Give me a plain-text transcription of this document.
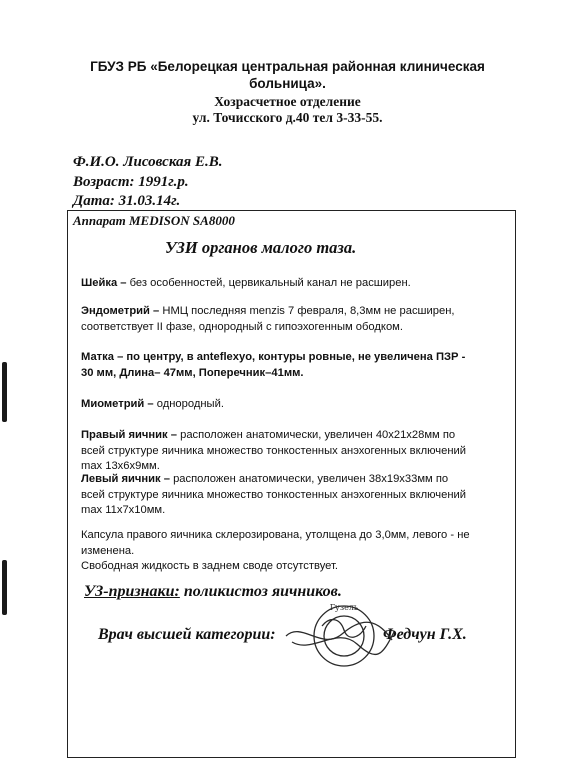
ГБУЗ РБ «Белорецкая центральная районная клиническая
больница».
Хозрасчетное отделение
ул. Точисского д.40 тел 3-33-55.
Ф.И.О. Лисовская Е.В.
Возраст: 1991г.р.
Дата: 31.03.14г.
Аппарат MEDISON SA8000
УЗИ органов малого таза.
Шейка – без особенностей, цервикальный канал не расширен.
Эндометрий – НМЦ последняя menzis 7 февраля, 8,3мм не расширен,
соответствует II фазе, однородный с гипоэхогенным ободком.
Матка – по центру, в anteflexyo, контуры ровные, не увеличена ПЗР -
30 мм, Длина– 47мм, Поперечник–41мм.
Миометрий – однородный.
Правый яичник – расположен анатомически, увеличен 40х21х28мм по
всей структуре яичника множество тонкостенных анэхогенных включений
max 13х6х9мм.
Левый яичник – расположен анатомически, увеличен 38х19х33мм по
всей структуре яичника множество тонкостенных анэхогенных включений
max 11х7х10мм.
Капсула правого яичника склерозирована, утолщена до 3,0мм, левого - не
изменена.
Свободная жидкость в заднем своде отсутствует.
УЗ-признаки: поликистоз яичников.
Врач высшей категории:	Федчун Г.Х.
Гузель
